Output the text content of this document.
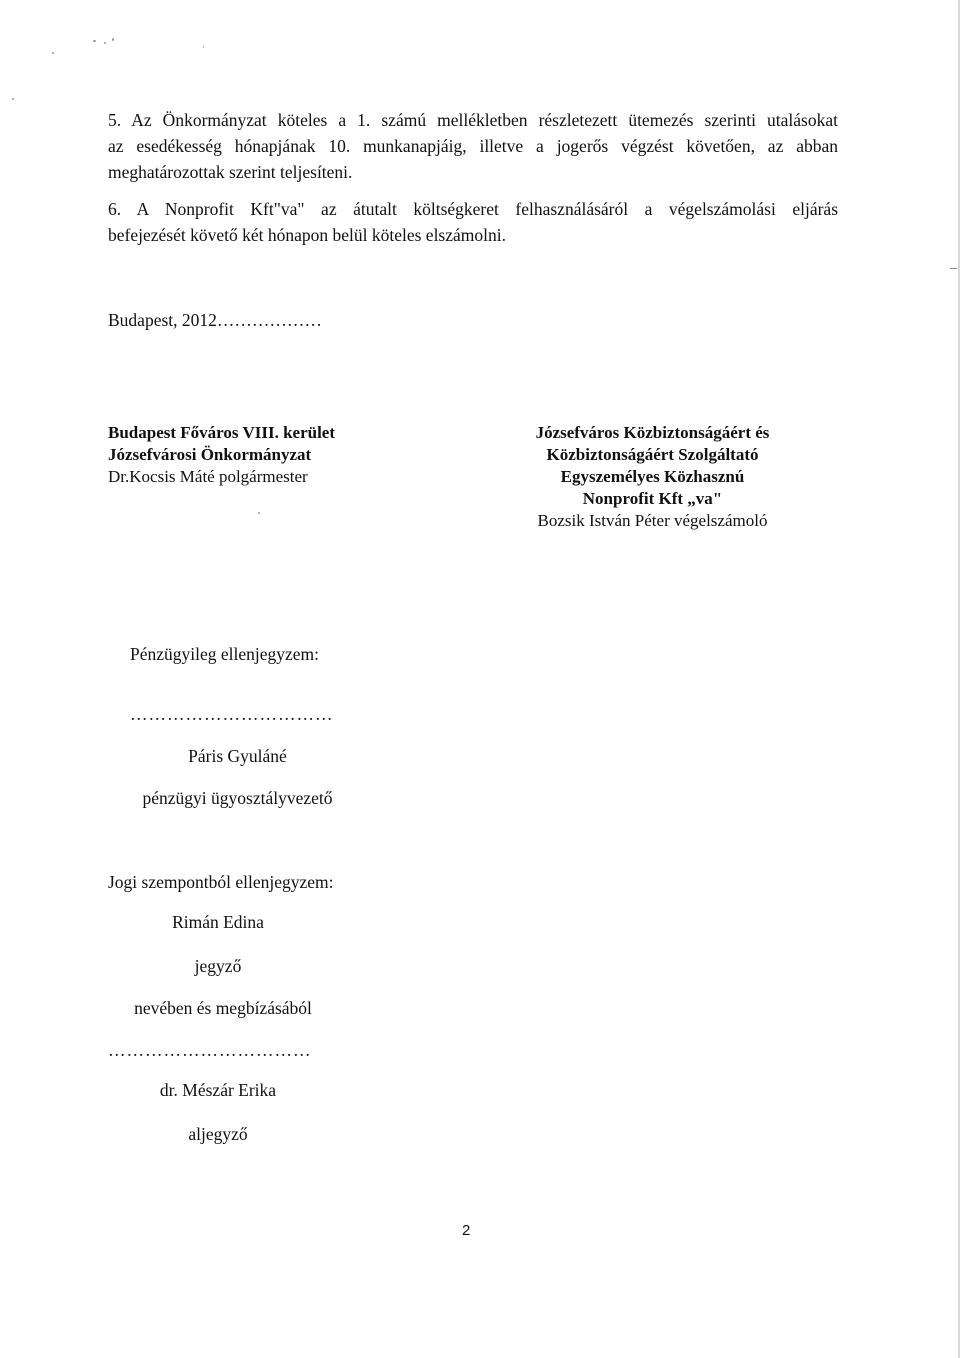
5. Az Önkormányzat köteles a 1. számú mellékletben részletezett ütemezés szerinti utalásokat
az esedékesség hónapjának 10. munkanapjáig, illetve a jogerős végzést követően, az abban
meghatározottak szerint teljesíteni.
6. A Nonprofit Kft"va" az átutalt költségkeret felhasználásáról a végelszámolási eljárás
befejezését követő két hónapon belül köteles elszámolni.
Budapest, 2012………………
Budapest Főváros VIII. kerület
Józsefvárosi Önkormányzat
Dr.Kocsis Máté polgármester
Józsefváros Közbiztonságáért és
Közbiztonságáért Szolgáltató
Egyszemélyes Közhasznú
Nonprofit Kft „va"
Bozsik István Péter végelszámoló
Pénzügyileg ellenjegyzem:
……………………………
Páris Gyuláné
pénzügyi ügyosztályvezető
Jogi szempontból ellenjegyzem:
Rimán Edina
jegyző
nevében és megbízásából
……………………………
dr. Mészár Erika
aljegyző
2
